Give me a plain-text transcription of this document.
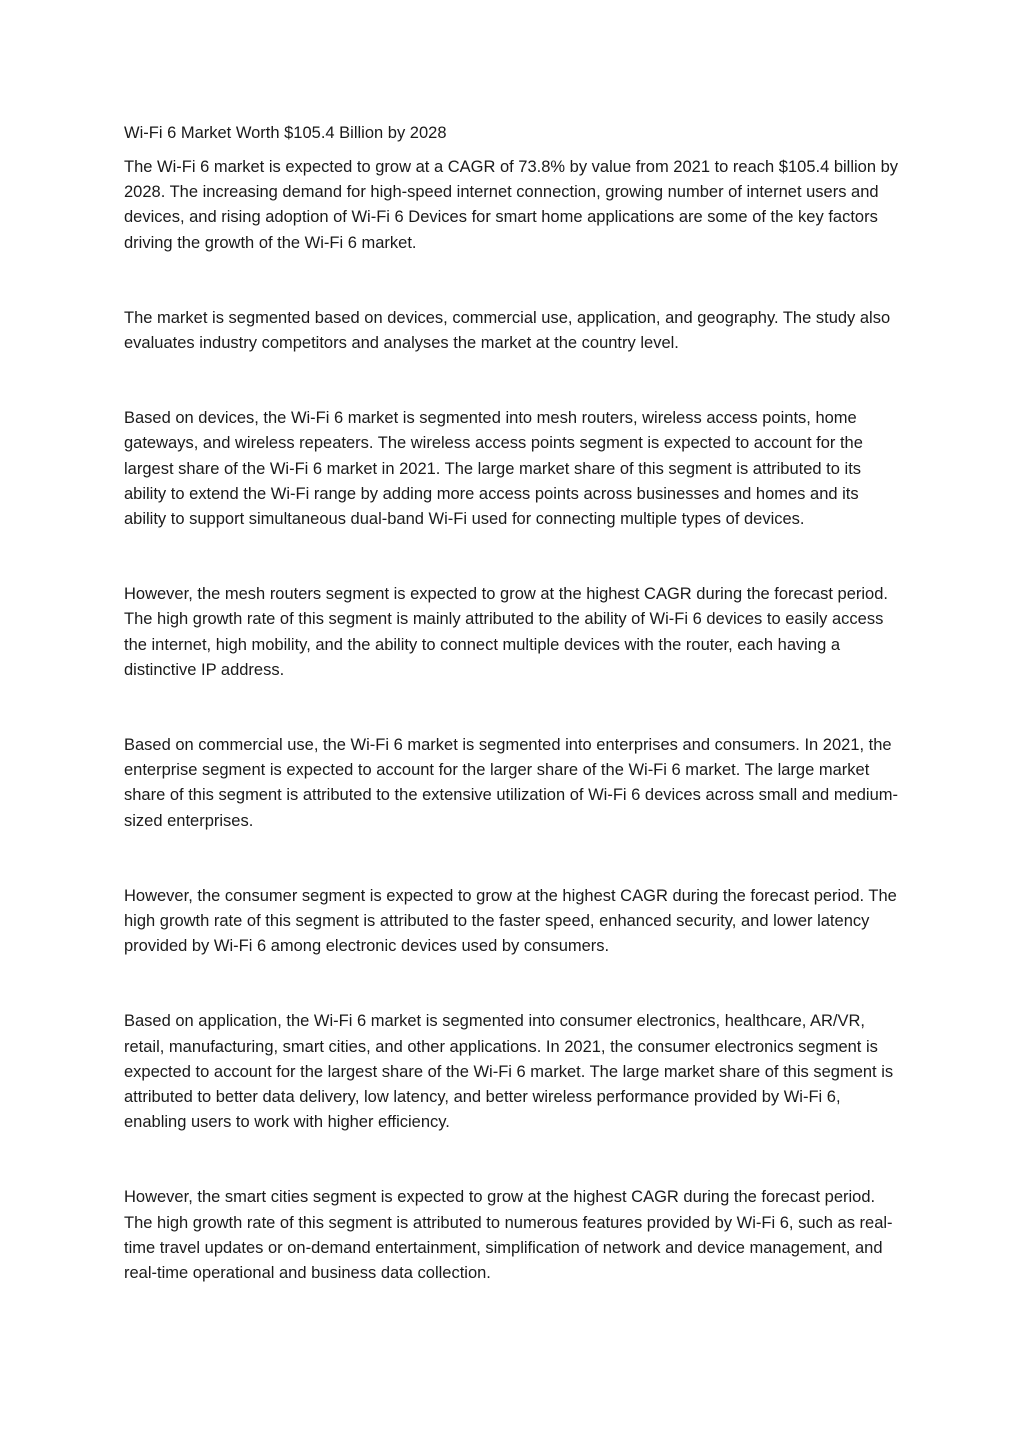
Wi-Fi 6 Market Worth $105.4 Billion by 2028

The Wi-Fi 6 market is expected to grow at a CAGR of 73.8% by value from 2021 to reach $105.4 billion by 2028. The increasing demand for high-speed internet connection, growing number of internet users and devices, and rising adoption of Wi-Fi 6 Devices for smart home applications are some of the key factors driving the growth of the Wi-Fi 6 market.

The market is segmented based on devices, commercial use, application, and geography. The study also evaluates industry competitors and analyses the market at the country level.

Based on devices, the Wi-Fi 6 market is segmented into mesh routers, wireless access points, home gateways, and wireless repeaters. The wireless access points segment is expected to account for the largest share of the Wi-Fi 6 market in 2021. The large market share of this segment is attributed to its ability to extend the Wi-Fi range by adding more access points across businesses and homes and its ability to support simultaneous dual-band Wi-Fi used for connecting multiple types of devices.

However, the mesh routers segment is expected to grow at the highest CAGR during the forecast period. The high growth rate of this segment is mainly attributed to the ability of Wi-Fi 6 devices to easily access the internet, high mobility, and the ability to connect multiple devices with the router, each having a distinctive IP address.

Based on commercial use, the Wi-Fi 6 market is segmented into enterprises and consumers. In 2021, the enterprise segment is expected to account for the larger share of the Wi-Fi 6 market. The large market share of this segment is attributed to the extensive utilization of Wi-Fi 6 devices across small and medium-sized enterprises.

However, the consumer segment is expected to grow at the highest CAGR during the forecast period. The high growth rate of this segment is attributed to the faster speed, enhanced security, and lower latency provided by Wi-Fi 6 among electronic devices used by consumers.

Based on application, the Wi-Fi 6 market is segmented into consumer electronics, healthcare, AR/VR, retail, manufacturing, smart cities, and other applications. In 2021, the consumer electronics segment is expected to account for the largest share of the Wi-Fi 6 market. The large market share of this segment is attributed to better data delivery, low latency, and better wireless performance provided by Wi-Fi 6, enabling users to work with higher efficiency.

However, the smart cities segment is expected to grow at the highest CAGR during the forecast period. The high growth rate of this segment is attributed to numerous features provided by Wi-Fi 6, such as real-time travel updates or on-demand entertainment, simplification of network and device management, and real-time operational and business data collection.
